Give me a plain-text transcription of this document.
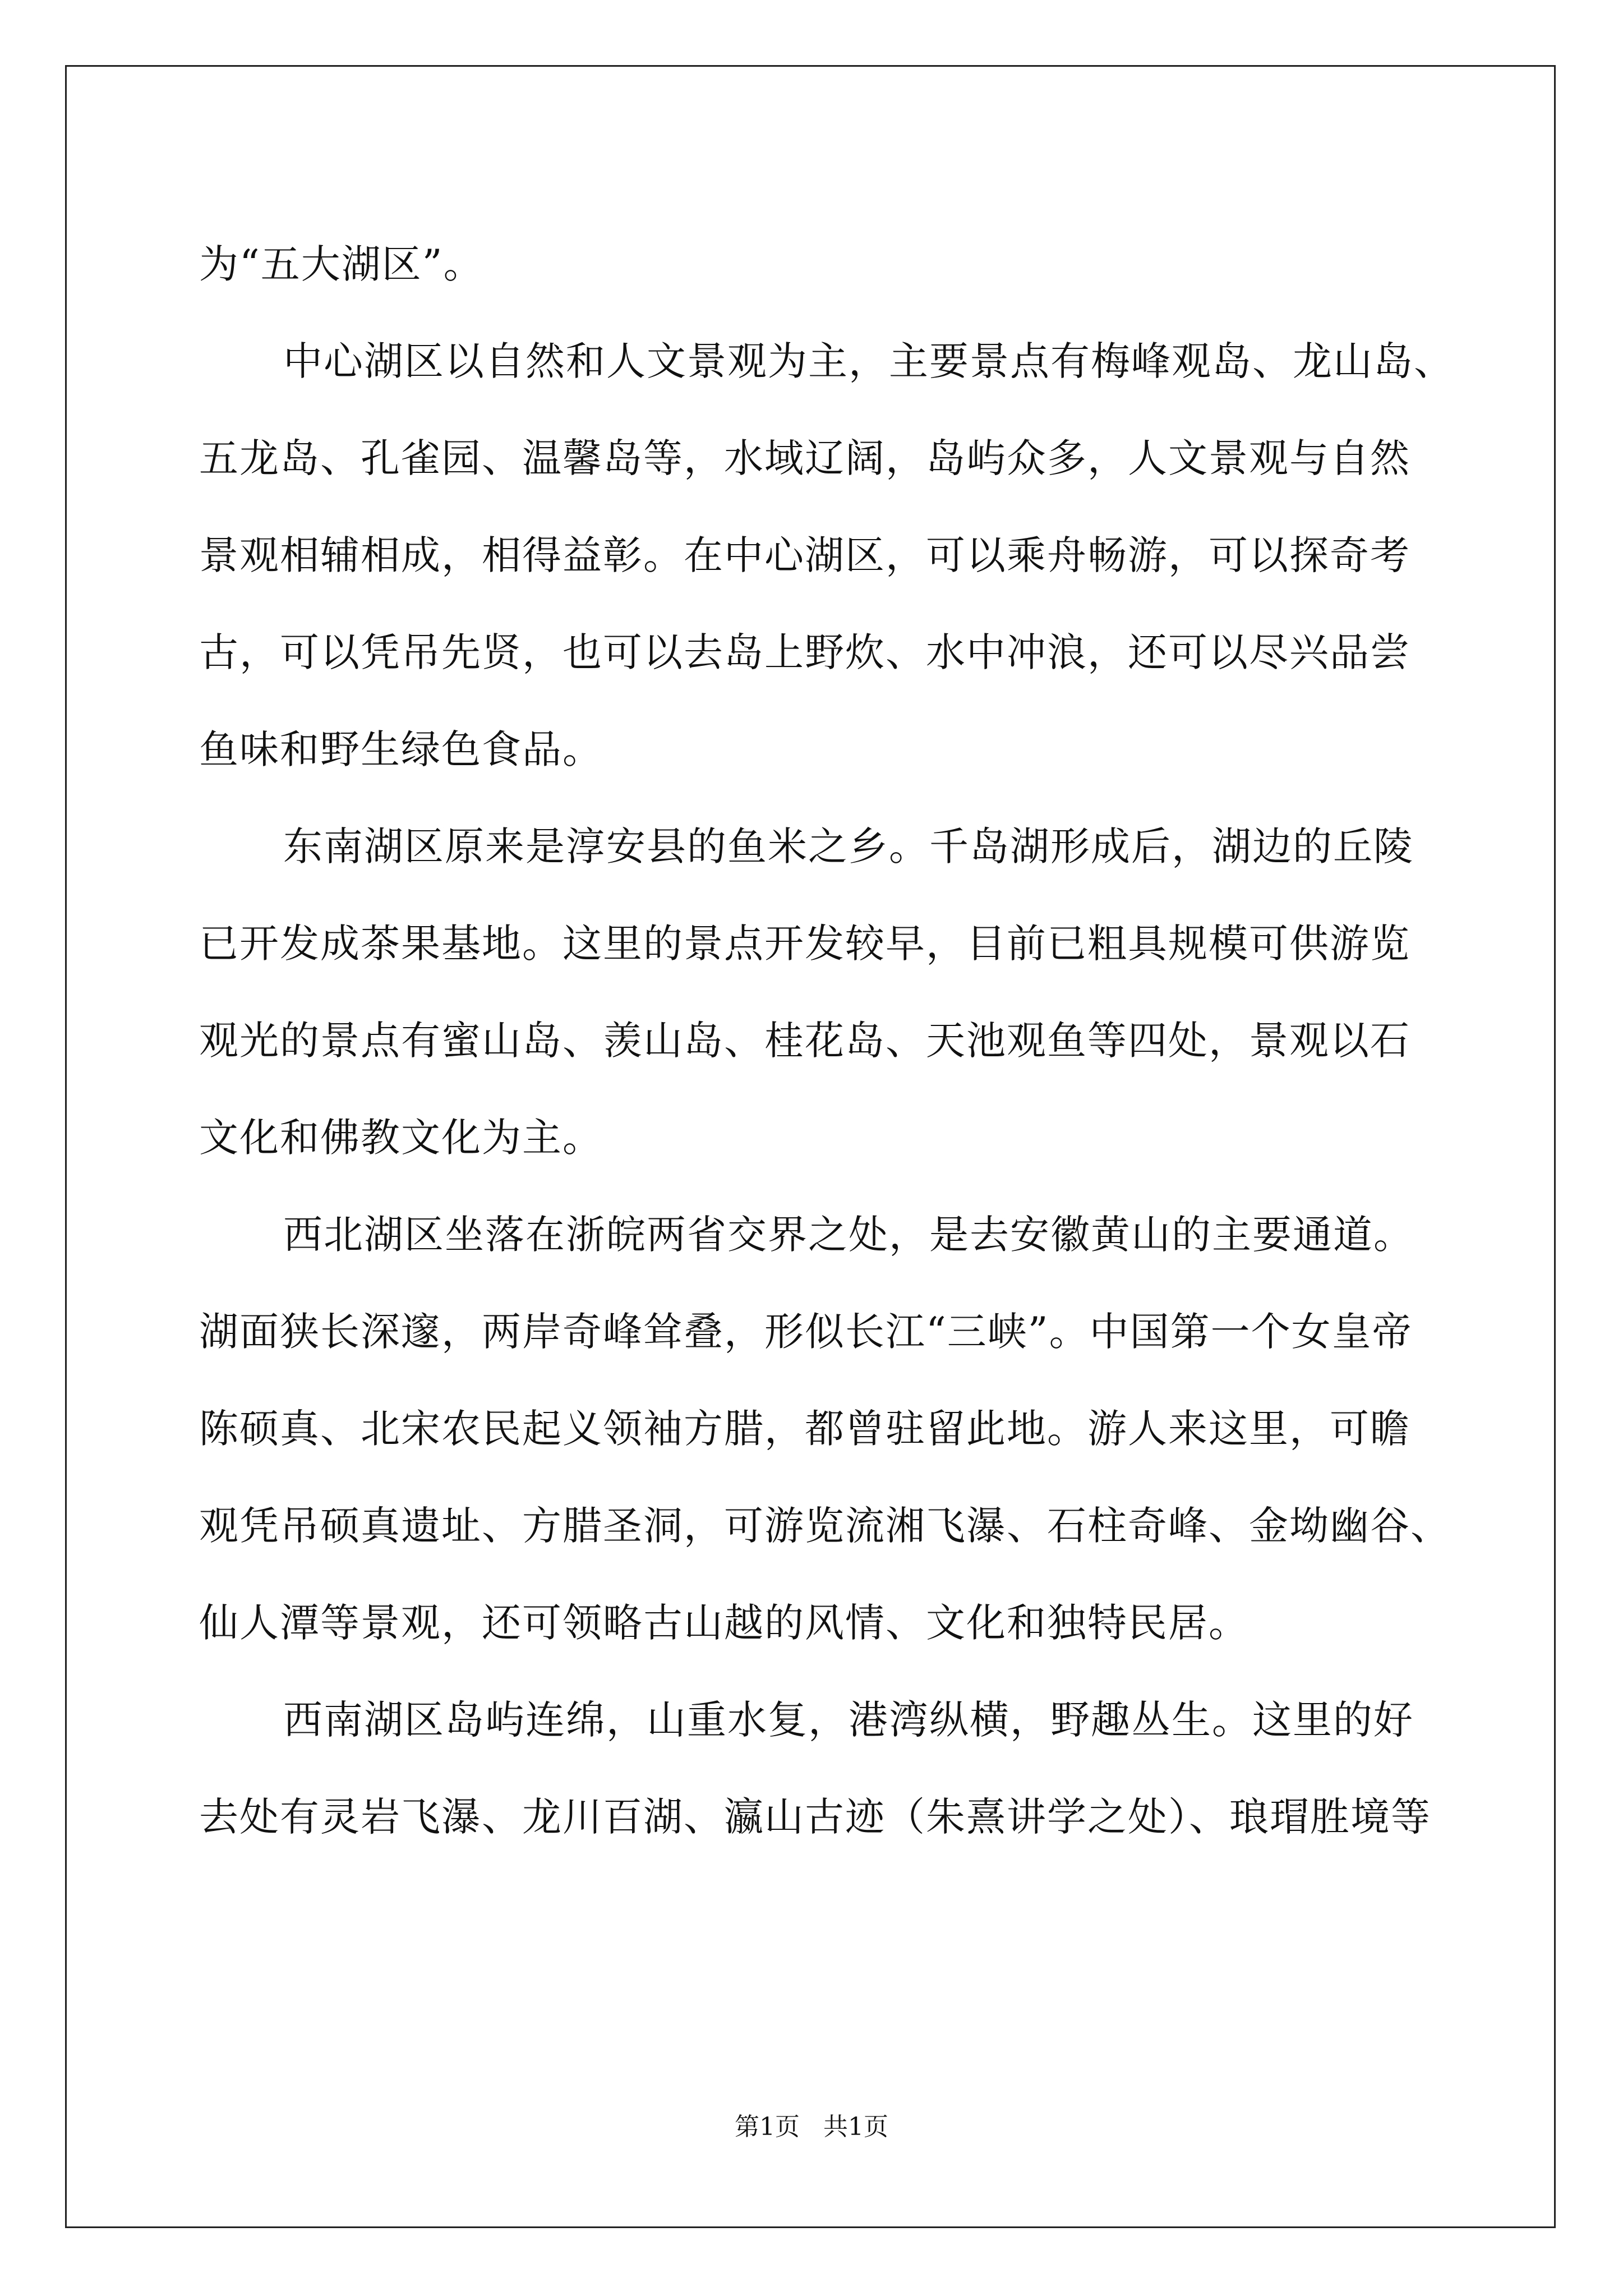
为“五大湖区”。
中心湖区以自然和人文景观为主，主要景点有梅峰观岛、龙山岛、
五龙岛、孔雀园、温馨岛等，水域辽阔，岛屿众多，人文景观与自然
景观相辅相成，相得益彰。在中心湖区，可以乘舟畅游，可以探奇考
古，可以凭吊先贤，也可以去岛上野炊、水中冲浪，还可以尽兴品尝
鱼味和野生绿色食品。
东南湖区原来是淳安县的鱼米之乡。千岛湖形成后，湖边的丘陵
已开发成茶果基地。这里的景点开发较早，目前已粗具规模可供游览
观光的景点有蜜山岛、羡山岛、桂花岛、天池观鱼等四处，景观以石
文化和佛教文化为主。
西北湖区坐落在浙皖两省交界之处，是去安徽黄山的主要通道。
湖面狭长深邃，两岸奇峰耸叠，形似长江“三峡”。中国第一个女皇帝
陈硕真、北宋农民起义领袖方腊，都曾驻留此地。游人来这里，可瞻
观凭吊硕真遗址、方腊圣洞，可游览流湘飞瀑、石柱奇峰、金坳幽谷、
仙人潭等景观，还可领略古山越的风情、文化和独特民居。
西南湖区岛屿连绵，山重水复，港湾纵横，野趣丛生。这里的好
去处有灵岩飞瀑、龙川百湖、瀛山古迹（朱熹讲学之处）、琅瑁胜境等
第1页   共1页
